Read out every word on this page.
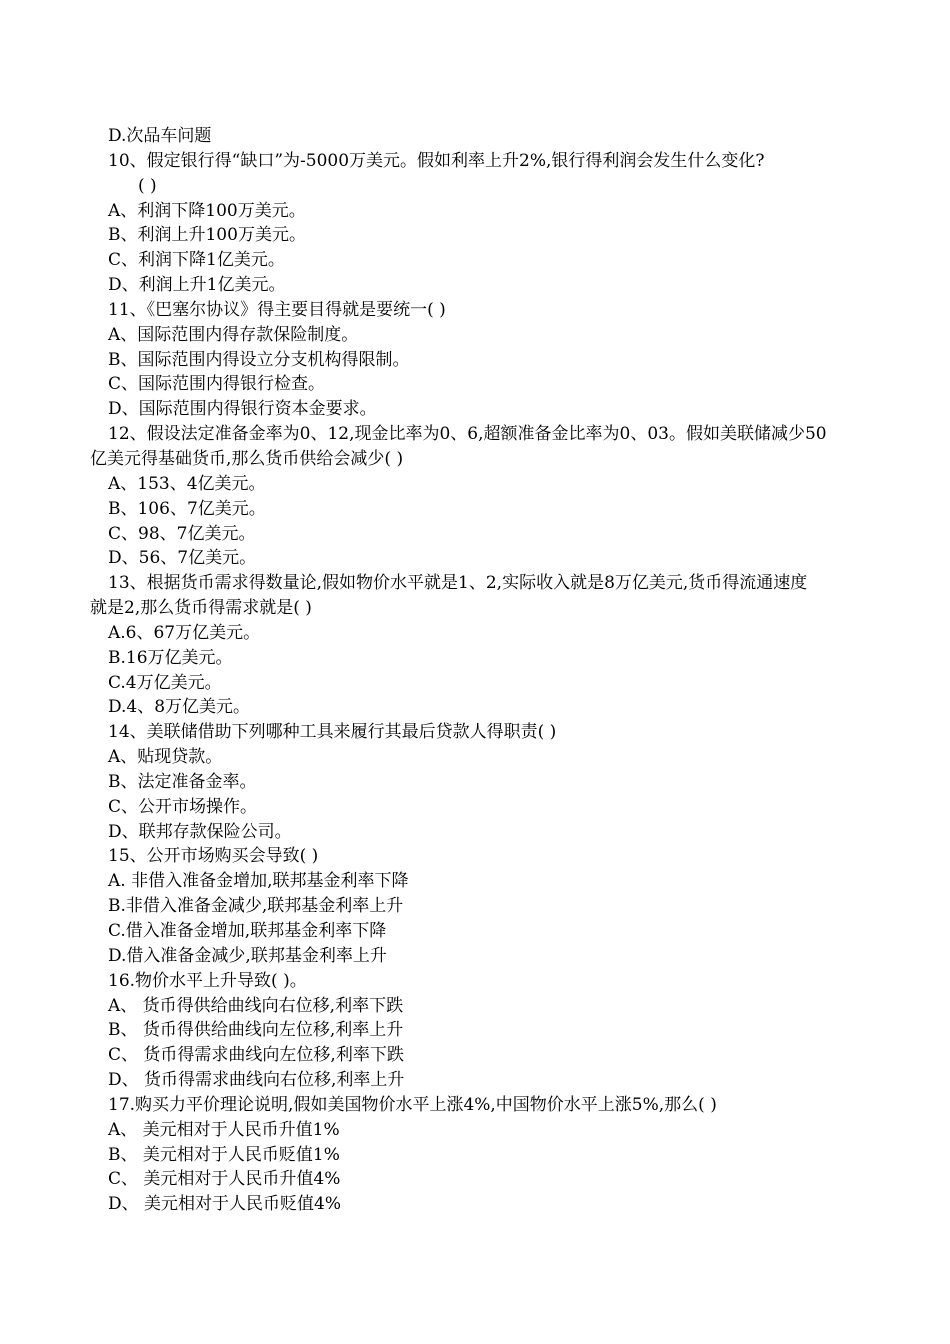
D.次品车问题
10、假定银行得“缺口”为-5000万美元。假如利率上升2%,银行得利润会发生什么变化?
( )
A、利润下降100万美元。
B、利润上升100万美元。
C、利润下降1亿美元。
D、利润上升1亿美元。
11、《巴塞尔协议》得主要目得就是要统一( )
A、国际范围内得存款保险制度。
B、国际范围内得设立分支机构得限制。
C、国际范围内得银行检查。
D、国际范围内得银行资本金要求。
12、假设法定准备金率为0、12,现金比率为0、6,超额准备金比率为0、03。假如美联储减少50
亿美元得基础货币,那么货币供给会减少( )
A、153、4亿美元。
B、106、7亿美元。
C、98、7亿美元。
D、56、7亿美元。
13、根据货币需求得数量论,假如物价水平就是1、2,实际收入就是8万亿美元,货币得流通速度
就是2,那么货币得需求就是( )
A.6、67万亿美元。
B.16万亿美元。
C.4万亿美元。
D.4、8万亿美元。
14、美联储借助下列哪种工具来履行其最后贷款人得职责( )
A、贴现贷款。
B、法定准备金率。
C、公开市场操作。
D、联邦存款保险公司。
15、公开市场购买会导致( )
A. 非借入准备金增加,联邦基金利率下降
B.非借入准备金减少,联邦基金利率上升
C.借入准备金增加,联邦基金利率下降
D.借入准备金减少,联邦基金利率上升
16.物价水平上升导致( )。
A、 货币得供给曲线向右位移,利率下跌
B、 货币得供给曲线向左位移,利率上升
C、 货币得需求曲线向左位移,利率下跌
D、 货币得需求曲线向右位移,利率上升
17.购买力平价理论说明,假如美国物价水平上涨4%,中国物价水平上涨5%,那么( )
A、 美元相对于人民币升值1%
B、 美元相对于人民币贬值1%
C、 美元相对于人民币升值4%
D、 美元相对于人民币贬值4%
